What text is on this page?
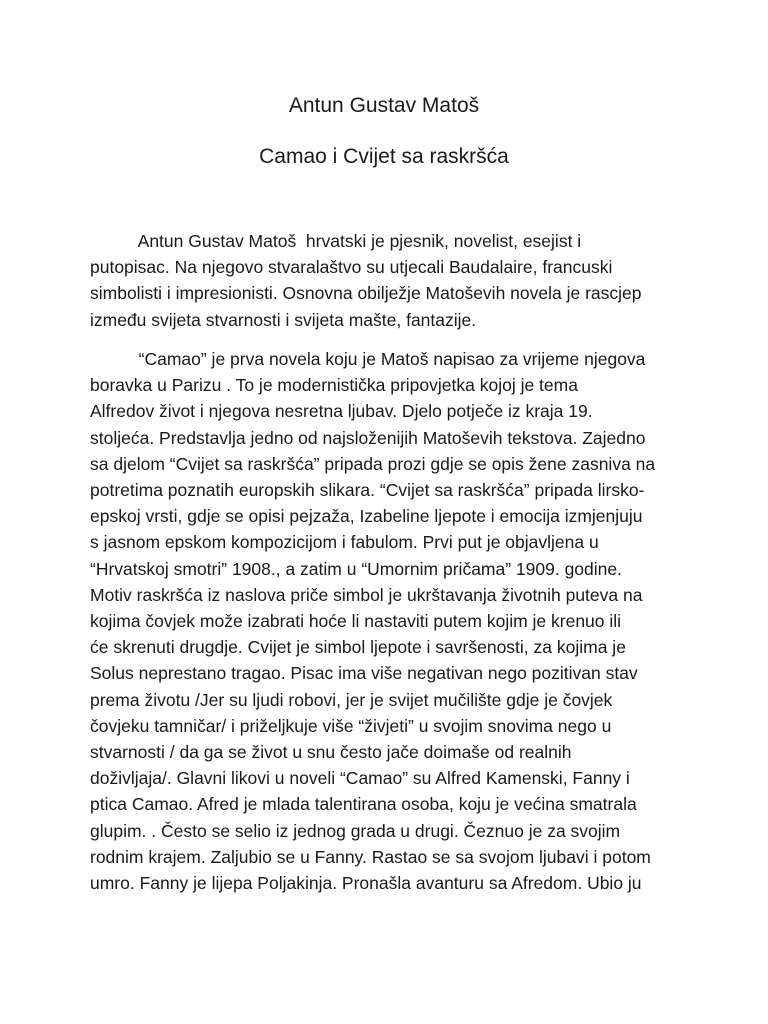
Antun Gustav Matoš
Camao i Cvijet sa raskršća
Antun Gustav Matoš  hrvatski je pjesnik, novelist, esejist i
putopisac. Na njegovo stvaralaštvo su utjecali Baudalaire, francuski
simbolisti i impresionisti. Osnovna obilježje Matoševih novela je rascjep
između svijeta stvarnosti i svijeta mašte, fantazije.
“Camao” je prva novela koju je Matoš napisao za vrijeme njegova
boravka u Parizu . To je modernistička pripovjetka kojoj je tema
Alfredov život i njegova nesretna ljubav. Djelo potječe iz kraja 19.
stoljeća. Predstavlja jedno od najsloženijih Matoševih tekstova. Zajedno
sa djelom “Cvijet sa raskršća” pripada prozi gdje se opis žene zasniva na
potretima poznatih europskih slikara. “Cvijet sa raskršća” pripada lirsko-
epskoj vrsti, gdje se opisi pejzaža, Izabeline ljepote i emocija izmjenjuju
s jasnom epskom kompozicijom i fabulom. Prvi put je objavljena u
“Hrvatskoj smotri” 1908., a zatim u “Umornim pričama” 1909. godine.
Motiv raskršća iz naslova priče simbol je ukrštavanja životnih puteva na
kojima čovjek može izabrati hoće li nastaviti putem kojim je krenuo ili
će skrenuti drugdje. Cvijet je simbol ljepote i savršenosti, za kojima je
Solus neprestano tragao. Pisac ima više negativan nego pozitivan stav
prema životu /Jer su ljudi robovi, jer je svijet mučilište gdje je čovjek
čovjeku tamničar/ i priželjkuje više “živjeti” u svojim snovima nego u
stvarnosti / da ga se život u snu često jače doimaše od realnih
doživljaja/. Glavni likovi u noveli “Camao” su Alfred Kamenski, Fanny i
ptica Camao. Afred je mlada talentirana osoba, koju je većina smatrala
glupim. . Često se selio iz jednog grada u drugi. Čeznuo je za svojim
rodnim krajem. Zaljubio se u Fanny. Rastao se sa svojom ljubavi i potom
umro. Fanny je lijepa Poljakinja. Pronašla avanturu sa Afredom. Ubio ju
